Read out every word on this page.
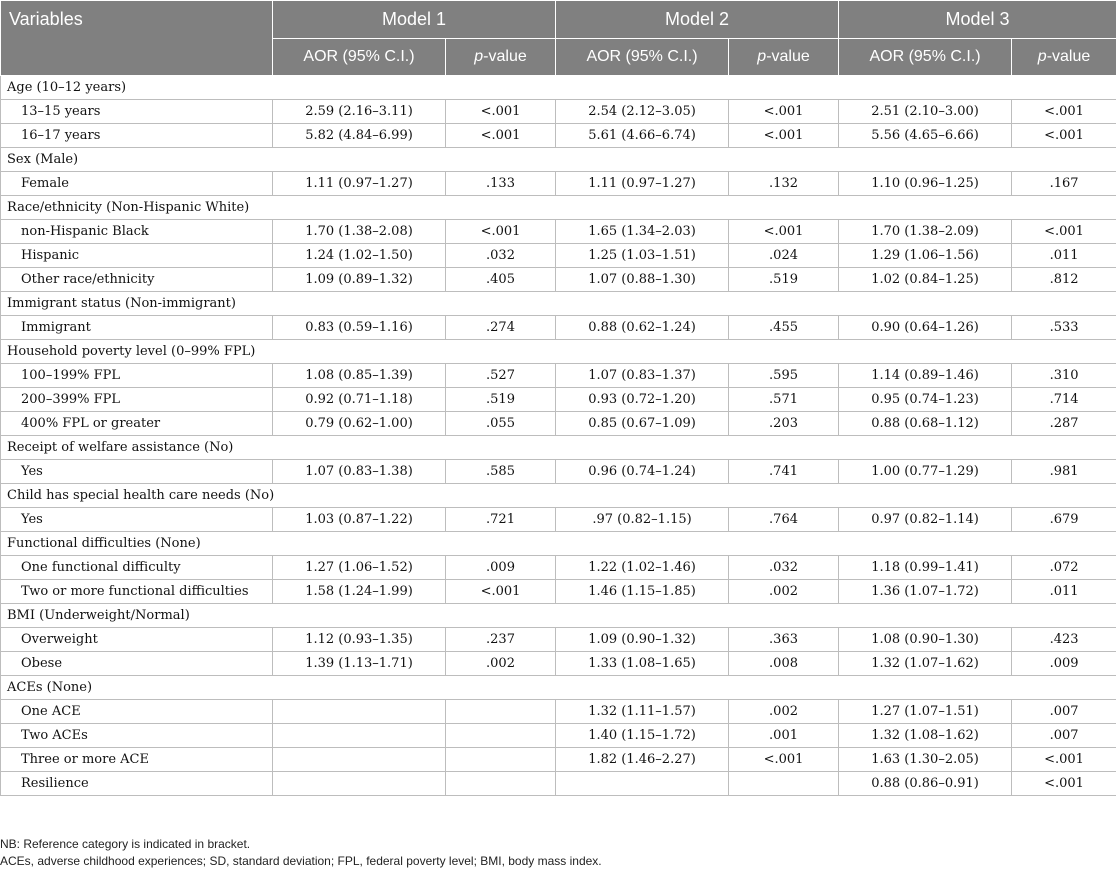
Variables	Model 1		Model 2		Model 3	
	AOR (95% C.I.)	p-value	AOR (95% C.I.)	p-value	AOR (95% C.I.)	p-value
Age (10–12 years)						
13–15 years	2.59 (2.16–3.11)	<.001	2.54 (2.12–3.05)	<.001	2.51 (2.10–3.00)	<.001
16–17 years	5.82 (4.84–6.99)	<.001	5.61 (4.66–6.74)	<.001	5.56 (4.65–6.66)	<.001
Sex (Male)						
Female	1.11 (0.97–1.27)	.133	1.11 (0.97–1.27)	.132	1.10 (0.96–1.25)	.167
Race/ethnicity (Non-Hispanic White)						
non-Hispanic Black	1.70 (1.38–2.08)	<.001	1.65 (1.34–2.03)	<.001	1.70 (1.38–2.09)	<.001
Hispanic	1.24 (1.02–1.50)	.032	1.25 (1.03–1.51)	.024	1.29 (1.06–1.56)	.011
Other race/ethnicity	1.09 (0.89–1.32)	.405	1.07 (0.88–1.30)	.519	1.02 (0.84–1.25)	.812
Immigrant status (Non-immigrant)						
Immigrant	0.83 (0.59–1.16)	.274	0.88 (0.62–1.24)	.455	0.90 (0.64–1.26)	.533
Household poverty level (0–99% FPL)						
100–199% FPL	1.08 (0.85–1.39)	.527	1.07 (0.83–1.37)	.595	1.14 (0.89–1.46)	.310
200–399% FPL	0.92 (0.71–1.18)	.519	0.93 (0.72–1.20)	.571	0.95 (0.74–1.23)	.714
400% FPL or greater	0.79 (0.62–1.00)	.055	0.85 (0.67–1.09)	.203	0.88 (0.68–1.12)	.287
Receipt of welfare assistance (No)						
Yes	1.07 (0.83–1.38)	.585	0.96 (0.74–1.24)	.741	1.00 (0.77–1.29)	.981
Child has special health care needs (No)						
Yes	1.03 (0.87–1.22)	.721	.97 (0.82–1.15)	.764	0.97 (0.82–1.14)	.679
Functional difficulties (None)						
One functional difficulty	1.27 (1.06–1.52)	.009	1.22 (1.02–1.46)	.032	1.18 (0.99–1.41)	.072
Two or more functional difficulties	1.58 (1.24–1.99)	<.001	1.46 (1.15–1.85)	.002	1.36 (1.07–1.72)	.011
BMI (Underweight/Normal)						
Overweight	1.12 (0.93–1.35)	.237	1.09 (0.90–1.32)	.363	1.08 (0.90–1.30)	.423
Obese	1.39 (1.13–1.71)	.002	1.33 (1.08–1.65)	.008	1.32 (1.07–1.62)	.009
ACEs (None)						
One ACE			1.32 (1.11–1.57)	.002	1.27 (1.07–1.51)	.007
Two ACEs			1.40 (1.15–1.72)	.001	1.32 (1.08–1.62)	.007
Three or more ACE			1.82 (1.46–2.27)	<.001	1.63 (1.30–2.05)	<.001
Resilience					0.88 (0.86–0.91)	<.001
NB: Reference category is indicated in bracket.
ACEs, adverse childhood experiences; SD, standard deviation; FPL, federal poverty level; BMI, body mass index.
